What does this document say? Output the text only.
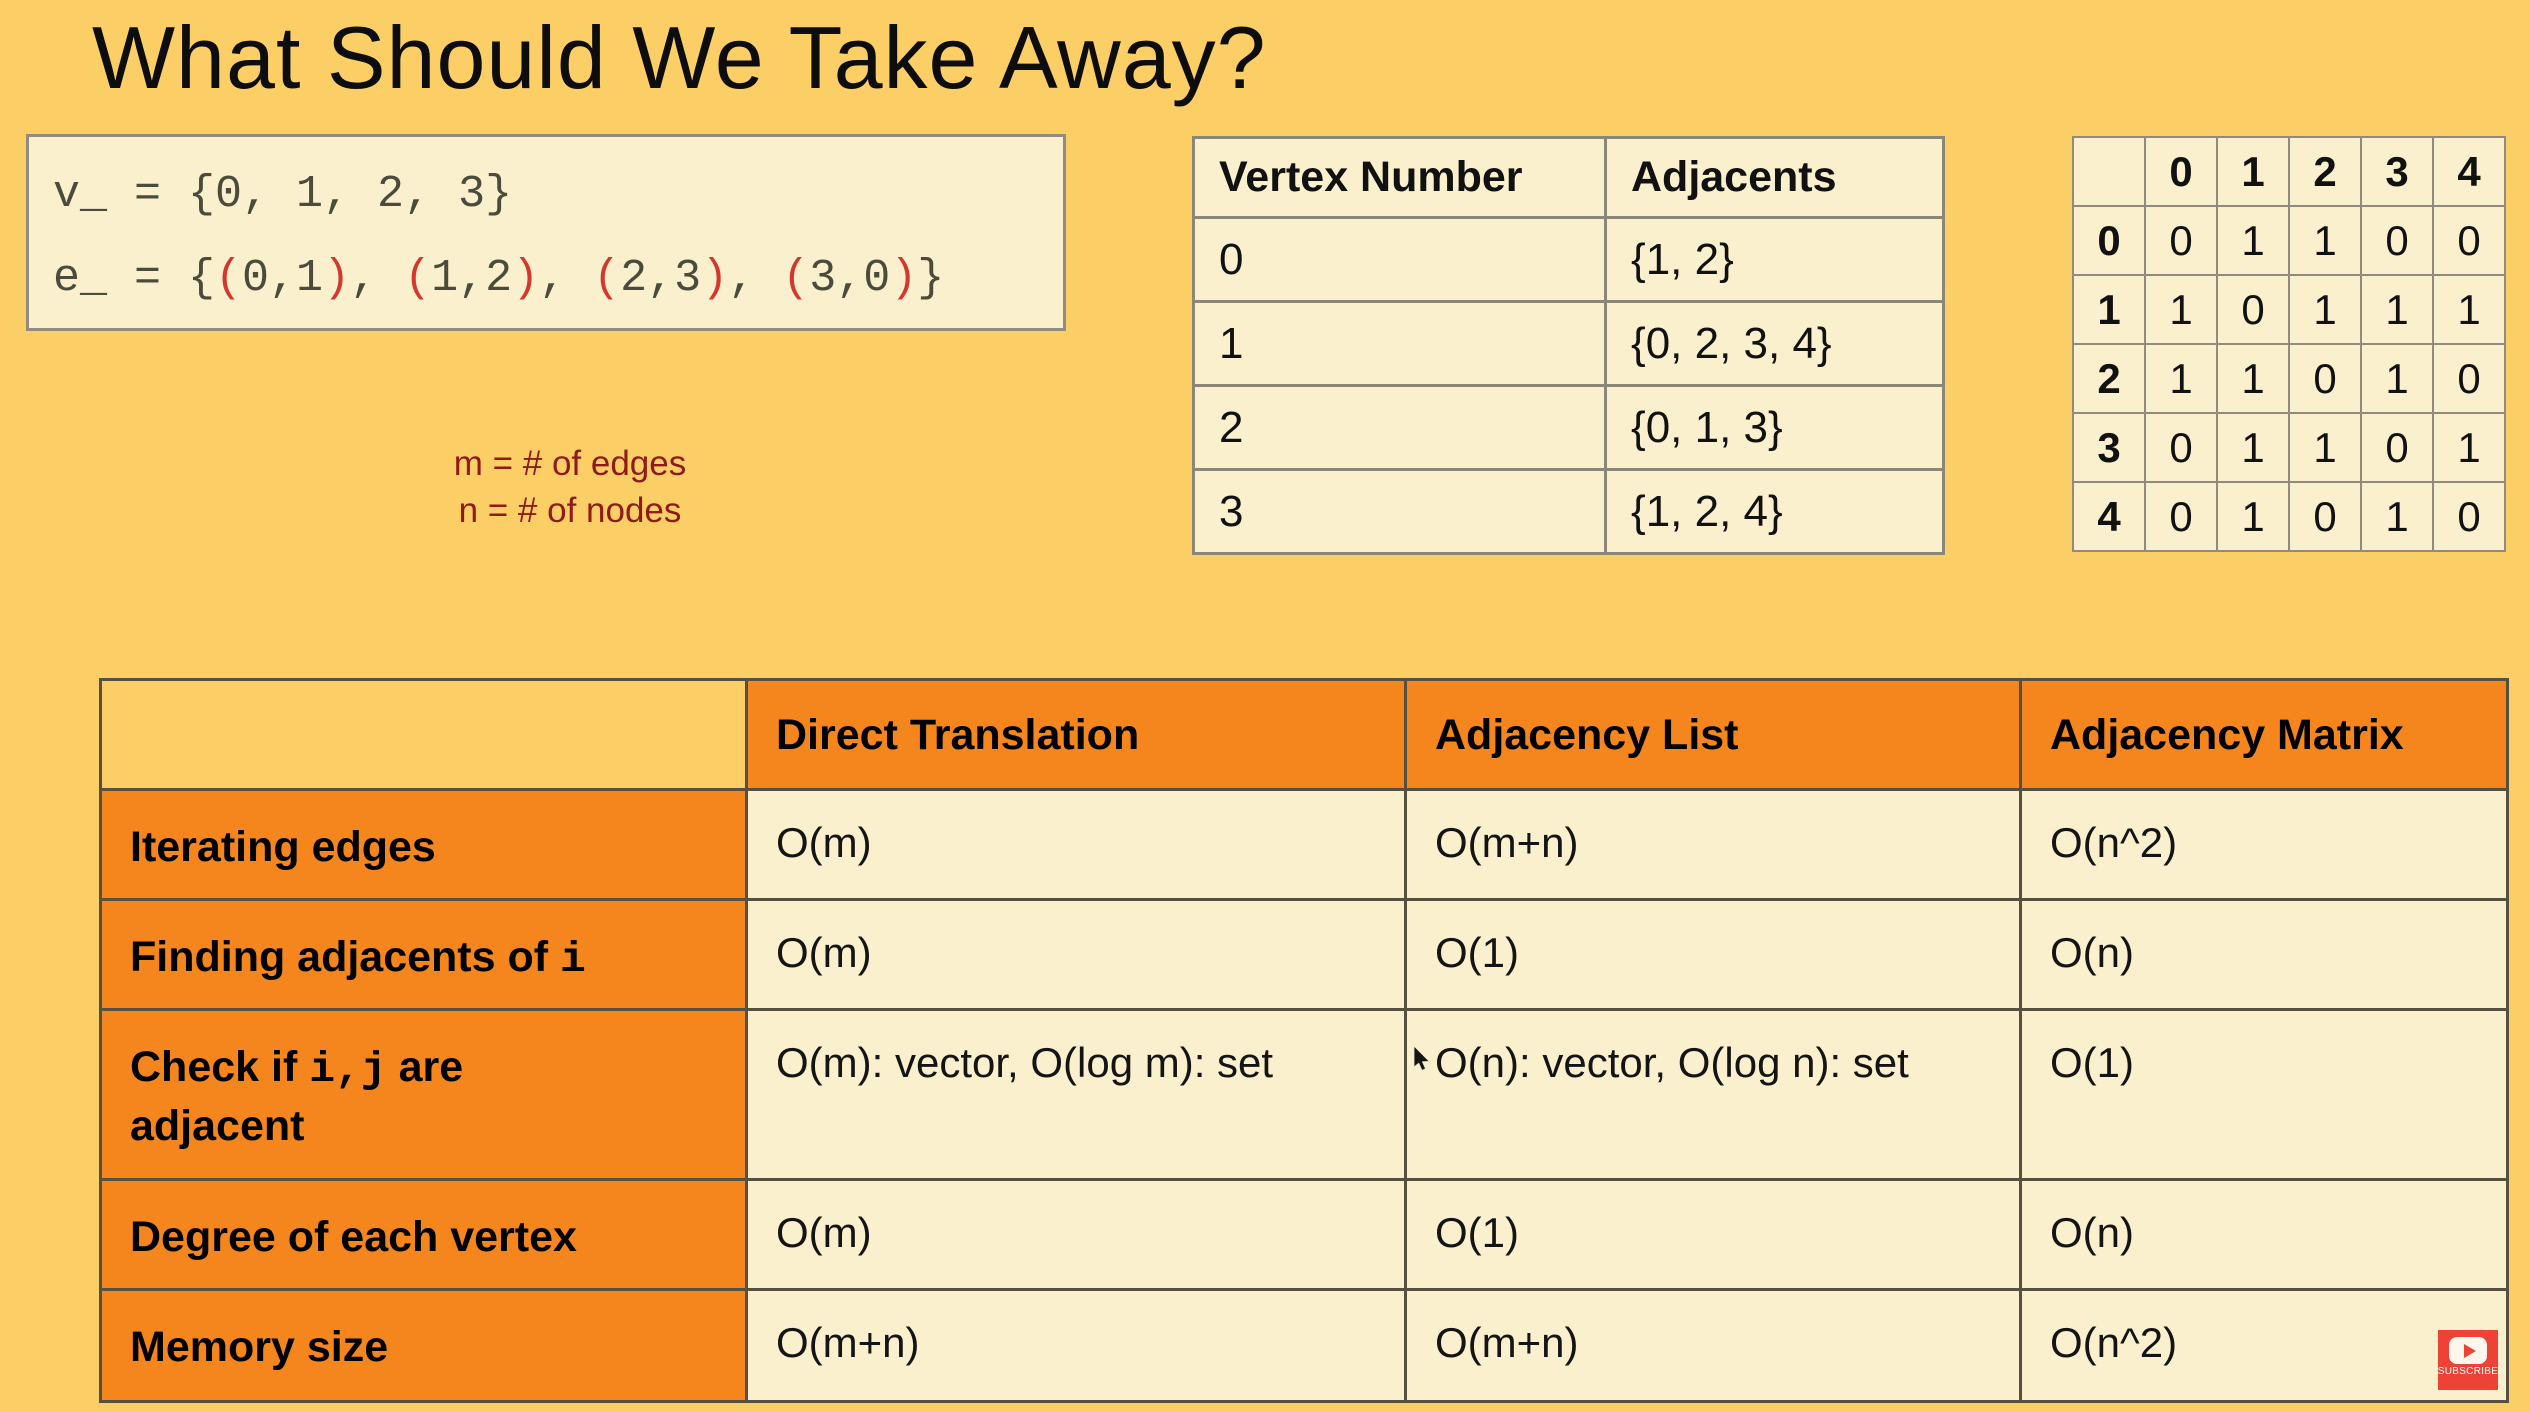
What Should We Take Away?
v_ = {0, 1, 2, 3}
e_ = {(0,1), (1,2), (2,3), (3,0)}
m = # of edges
n = # of nodes
Vertex Number	Adjacents
0	{1, 2}
1	{0, 2, 3, 4}
2	{0, 1, 3}
3	{1, 2, 4}
	0	1	2	3	4
0	0	1	1	0	0
1	1	0	1	1	1
2	1	1	0	1	0
3	0	1	1	0	1
4	0	1	0	1	0
	Direct Translation	Adjacency List	Adjacency Matrix
Iterating edges	O(m)	O(m+n)	O(n^2)
Finding adjacents of i	O(m)	O(1)	O(n)
Check if i,j are
adjacent	O(m): vector, O(log m): set	O(n): vector, O(log n): set	O(1)
Degree of each vertex	O(m)	O(1)	O(n)
Memory size	O(m+n)	O(m+n)	O(n^2)
SUBSCRIBE
